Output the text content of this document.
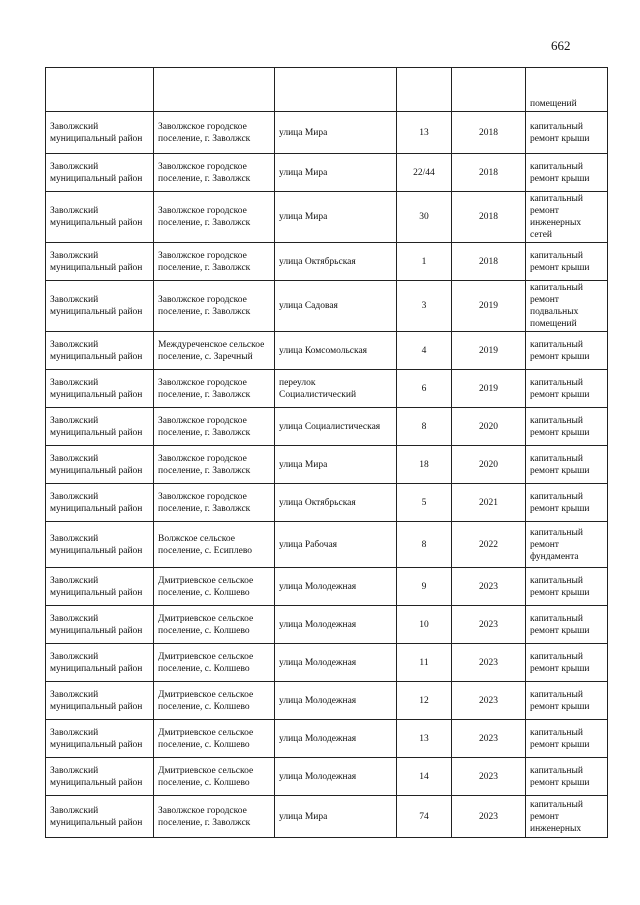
662
					помещений
Заволжский муниципальный район	Заволжское городское поселение, г. Заволжск	улица Мира	13	2018	капитальный ремонт крыши
Заволжский муниципальный район	Заволжское городское поселение, г. Заволжск	улица Мира	22/44	2018	капитальный ремонт крыши
Заволжский муниципальный район	Заволжское городское поселение, г. Заволжск	улица Мира	30	2018	капитальный ремонт инженерных сетей
Заволжский муниципальный район	Заволжское городское поселение, г. Заволжск	улица Октябрьская	1	2018	капитальный ремонт крыши
Заволжский муниципальный район	Заволжское городское поселение, г. Заволжск	улица Садовая	3	2019	капитальный ремонт подвальных помещений
Заволжский муниципальный район	Междуреченское сельское поселение, с. Заречный	улица Комсомольская	4	2019	капитальный ремонт крыши
Заволжский муниципальный район	Заволжское городское поселение, г. Заволжск	переулок Социалистический	6	2019	капитальный ремонт крыши
Заволжский муниципальный район	Заволжское городское поселение, г. Заволжск	улица Социалистическая	8	2020	капитальный ремонт крыши
Заволжский муниципальный район	Заволжское городское поселение, г. Заволжск	улица Мира	18	2020	капитальный ремонт крыши
Заволжский муниципальный район	Заволжское городское поселение, г. Заволжск	улица Октябрьская	5	2021	капитальный ремонт крыши
Заволжский муниципальный район	Волжское сельское поселение, с. Есиплево	улица Рабочая	8	2022	капитальный ремонт фундамента
Заволжский муниципальный район	Дмитриевское сельское поселение, с. Колшево	улица Молодежная	9	2023	капитальный ремонт крыши
Заволжский муниципальный район	Дмитриевское сельское поселение, с. Колшево	улица Молодежная	10	2023	капитальный ремонт крыши
Заволжский муниципальный район	Дмитриевское сельское поселение, с. Колшево	улица Молодежная	11	2023	капитальный ремонт крыши
Заволжский муниципальный район	Дмитриевское сельское поселение, с. Колшево	улица Молодежная	12	2023	капитальный ремонт крыши
Заволжский муниципальный район	Дмитриевское сельское поселение, с. Колшево	улица Молодежная	13	2023	капитальный ремонт крыши
Заволжский муниципальный район	Дмитриевское сельское поселение, с. Колшево	улица Молодежная	14	2023	капитальный ремонт крыши
Заволжский муниципальный район	Заволжское городское поселение, г. Заволжск	улица Мира	74	2023	капитальный ремонт инженерных
